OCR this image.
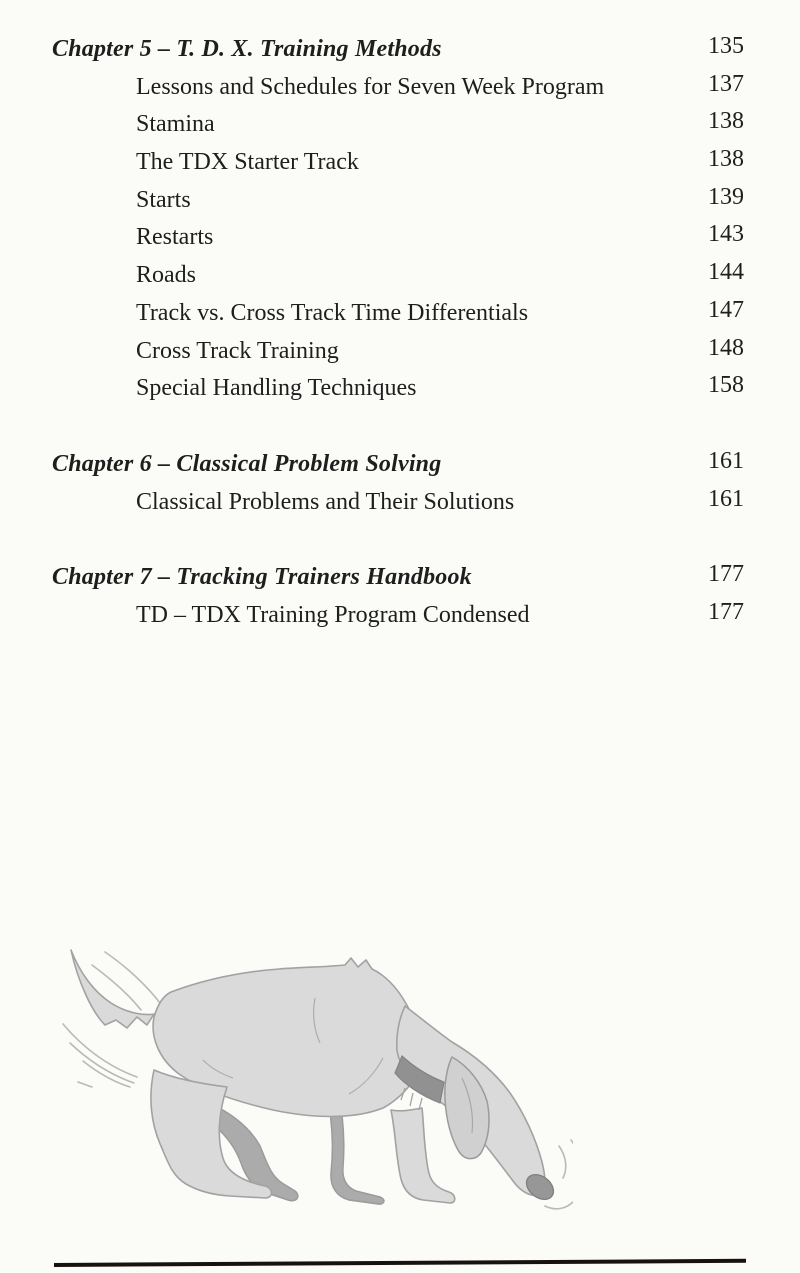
Chapter 5 – T. D. X. Training Methods	135
Lessons and Schedules for Seven Week Program	137
Stamina	138
The TDX Starter Track	138
Starts	139
Restarts	143
Roads	144
Track vs. Cross Track Time Differentials	147
Cross Track Training	148
Special Handling Techniques	158
Chapter 6 – Classical Problem Solving	161
Classical Problems and Their Solutions	161
Chapter 7 – Tracking Trainers Handbook	177
TD – TDX Training Program Condensed	177
